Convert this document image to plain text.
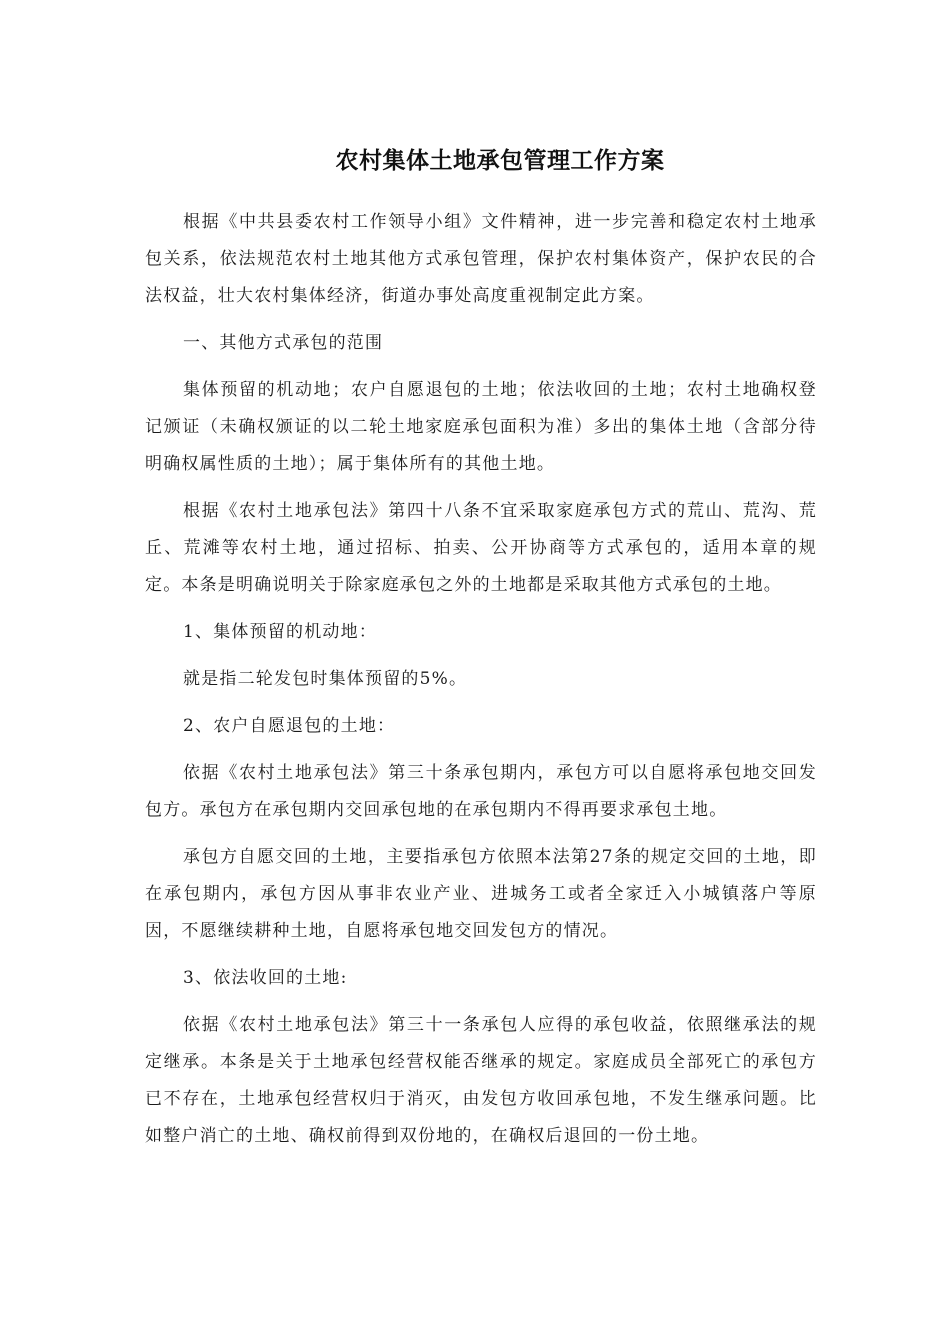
农村集体土地承包管理工作方案

根据《中共县委农村工作领导小组》文件精神，进一步完善和稳定农村土地承包关系，依法规范农村土地其他方式承包管理，保护农村集体资产，保护农民的合法权益，壮大农村集体经济，街道办事处高度重视制定此方案。

一、其他方式承包的范围

集体预留的机动地；农户自愿退包的土地；依法收回的土地；农村土地确权登记颁证（未确权颁证的以二轮土地家庭承包面积为准）多出的集体土地（含部分待明确权属性质的土地）；属于集体所有的其他土地。

根据《农村土地承包法》第四十八条不宜采取家庭承包方式的荒山、荒沟、荒丘、荒滩等农村土地，通过招标、拍卖、公开协商等方式承包的，适用本章的规定。本条是明确说明关于除家庭承包之外的土地都是采取其他方式承包的土地。

1、集体预留的机动地：

就是指二轮发包时集体预留的5%。

2、农户自愿退包的土地：

依据《农村土地承包法》第三十条承包期内，承包方可以自愿将承包地交回发包方。承包方在承包期内交回承包地的在承包期内不得再要求承包土地。

承包方自愿交回的土地，主要指承包方依照本法第27条的规定交回的土地，即在承包期内，承包方因从事非农业产业、进城务工或者全家迁入小城镇落户等原因，不愿继续耕种土地，自愿将承包地交回发包方的情况。

3、依法收回的土地:

依据《农村土地承包法》第三十一条承包人应得的承包收益，依照继承法的规定继承。本条是关于土地承包经营权能否继承的规定。家庭成员全部死亡的承包方已不存在，土地承包经营权归于消灭，由发包方收回承包地，不发生继承问题。比如整户消亡的土地、确权前得到双份地的，在确权后退回的一份土地。
